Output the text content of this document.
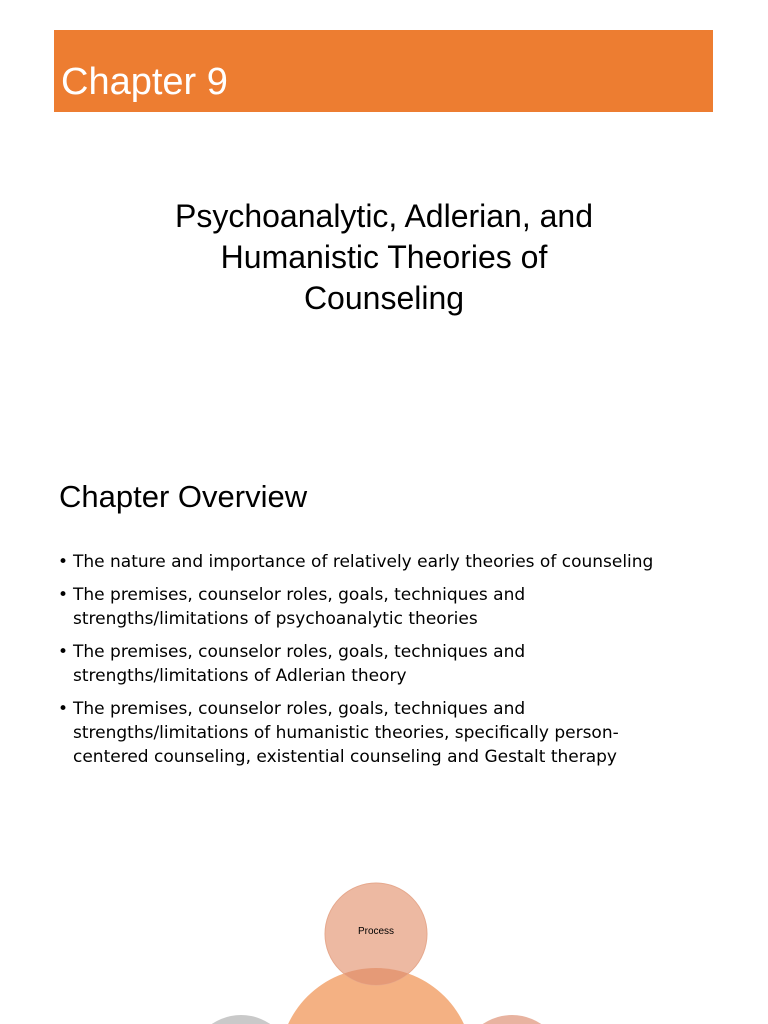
Chapter 9
Psychoanalytic, Adlerian, and
Humanistic Theories of
Counseling
Chapter Overview
• The nature and importance of relatively early theories of counseling
• The premises, counselor roles, goals, techniques and
strengths/limitations of psychoanalytic theories
• The premises, counselor roles, goals, techniques and
strengths/limitations of Adlerian theory
• The premises, counselor roles, goals, techniques and
strengths/limitations of humanistic theories, specifically person-
centered counseling, existential counseling and Gestalt therapy
Process
